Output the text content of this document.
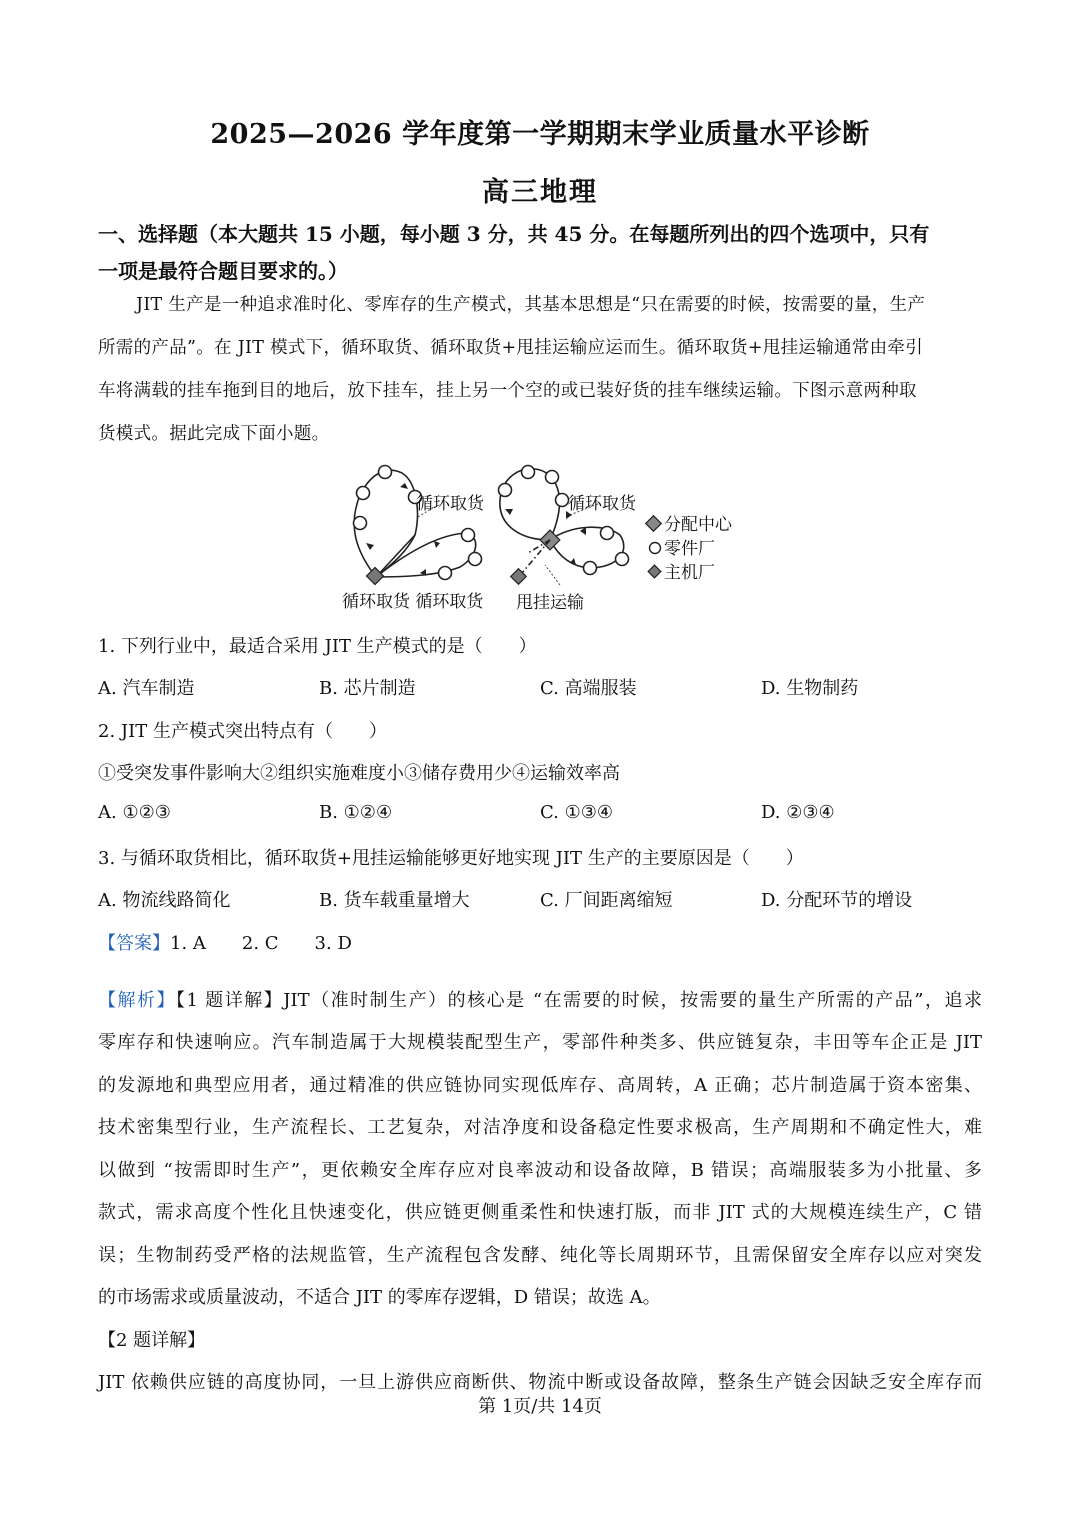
2025—2026 学年度第一学期期末学业质量水平诊断
高三地理
一、选择题（本大题共 15 小题，每小题 3 分，共 45 分。在每题所列出的四个选项中，只有
一项是最符合题目要求的。）
JIT 生产是一种追求准时化、零库存的生产模式，其基本思想是“只在需要的时候，按需要的量，生产
所需的产品”。在 JIT 模式下，循环取货、循环取货+甩挂运输应运而生。循环取货+甩挂运输通常由牵引
车将满载的挂车拖到目的地后，放下挂车，挂上另一个空的或已装好货的挂车继续运输。下图示意两种取
货模式。据此完成下面小题。
循环取货	循环取货
循环取货 循环取货 甩挂运输
分配中心
零件厂
主机厂
1. 下列行业中，最适合采用 JIT 生产模式的是（　　）
A. 汽车制造	B. 芯片制造	C. 高端服装	D. 生物制药
2. JIT 生产模式突出特点有（　　）
①受突发事件影响大②组织实施难度小③储存费用少④运输效率高
A. ①②③	B. ①②④	C. ①③④	D. ②③④
3. 与循环取货相比，循环取货+甩挂运输能够更好地实现 JIT 生产的主要原因是（　　）
A. 物流线路简化	B. 货车载重量增大	C. 厂间距离缩短	D. 分配环节的增设
【答案】1. A　　2. C　　3. D
【解析】【1 题详解】JIT（准时制生产）的核心是 “在需要的时候，按需要的量生产所需的产品”，追求
零库存和快速响应。汽车制造属于大规模装配型生产，零部件种类多、供应链复杂，丰田等车企正是 JIT
的发源地和典型应用者，通过精准的供应链协同实现低库存、高周转，A 正确；芯片制造属于资本密集、
技术密集型行业，生产流程长、工艺复杂，对洁净度和设备稳定性要求极高，生产周期和不确定性大，难
以做到 “按需即时生产”，更依赖安全库存应对良率波动和设备故障，B 错误；高端服装多为小批量、多
款式，需求高度个性化且快速变化，供应链更侧重柔性和快速打版，而非 JIT 式的大规模连续生产，C 错
误；生物制药受严格的法规监管，生产流程包含发酵、纯化等长周期环节，且需保留安全库存以应对突发
的市场需求或质量波动，不适合 JIT 的零库存逻辑，D 错误；故选 A。
【2 题详解】
JIT 依赖供应链的高度协同，一旦上游供应商断供、物流中断或设备故障，整条生产链会因缺乏安全库存而
第 1页/共 14页
